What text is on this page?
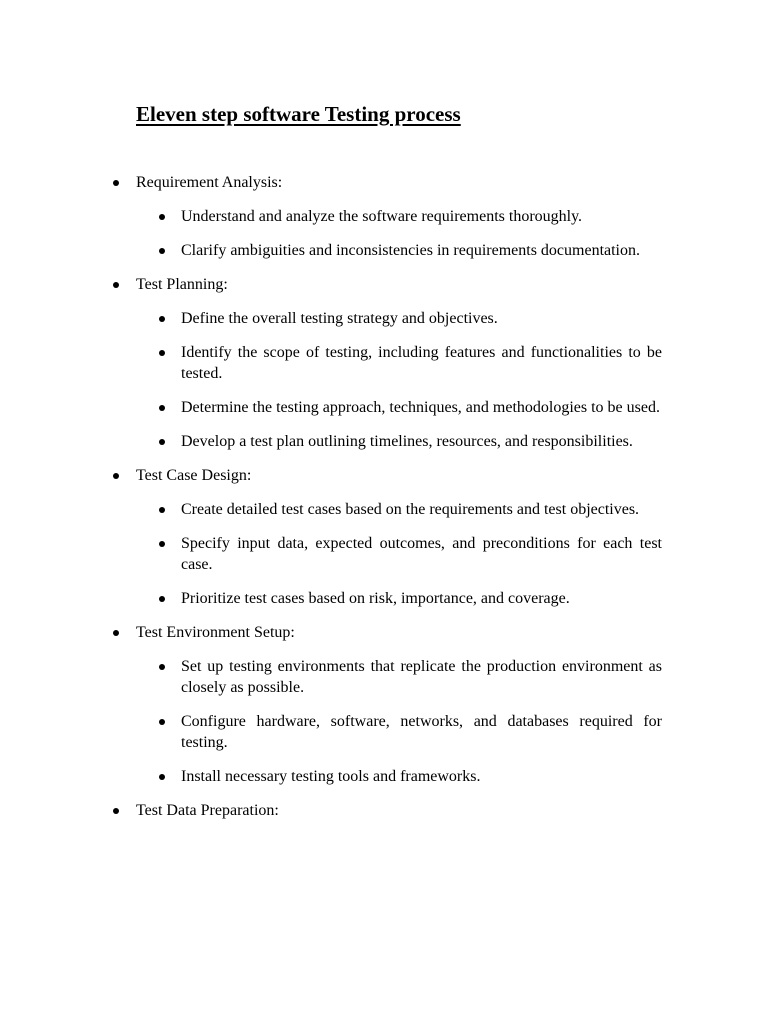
Eleven step software Testing process
Requirement Analysis:
Understand and analyze the software requirements thoroughly.
Clarify ambiguities and inconsistencies in requirements documentation.
Test Planning:
Define the overall testing strategy and objectives.
Identify the scope of testing, including features and functionalities to be tested.
Determine the testing approach, techniques, and methodologies to be used.
Develop a test plan outlining timelines, resources, and responsibilities.
Test Case Design:
Create detailed test cases based on the requirements and test objectives.
Specify input data, expected outcomes, and preconditions for each test case.
Prioritize test cases based on risk, importance, and coverage.
Test Environment Setup:
Set up testing environments that replicate the production environment as closely as possible.
Configure hardware, software, networks, and databases required for testing.
Install necessary testing tools and frameworks.
Test Data Preparation:
